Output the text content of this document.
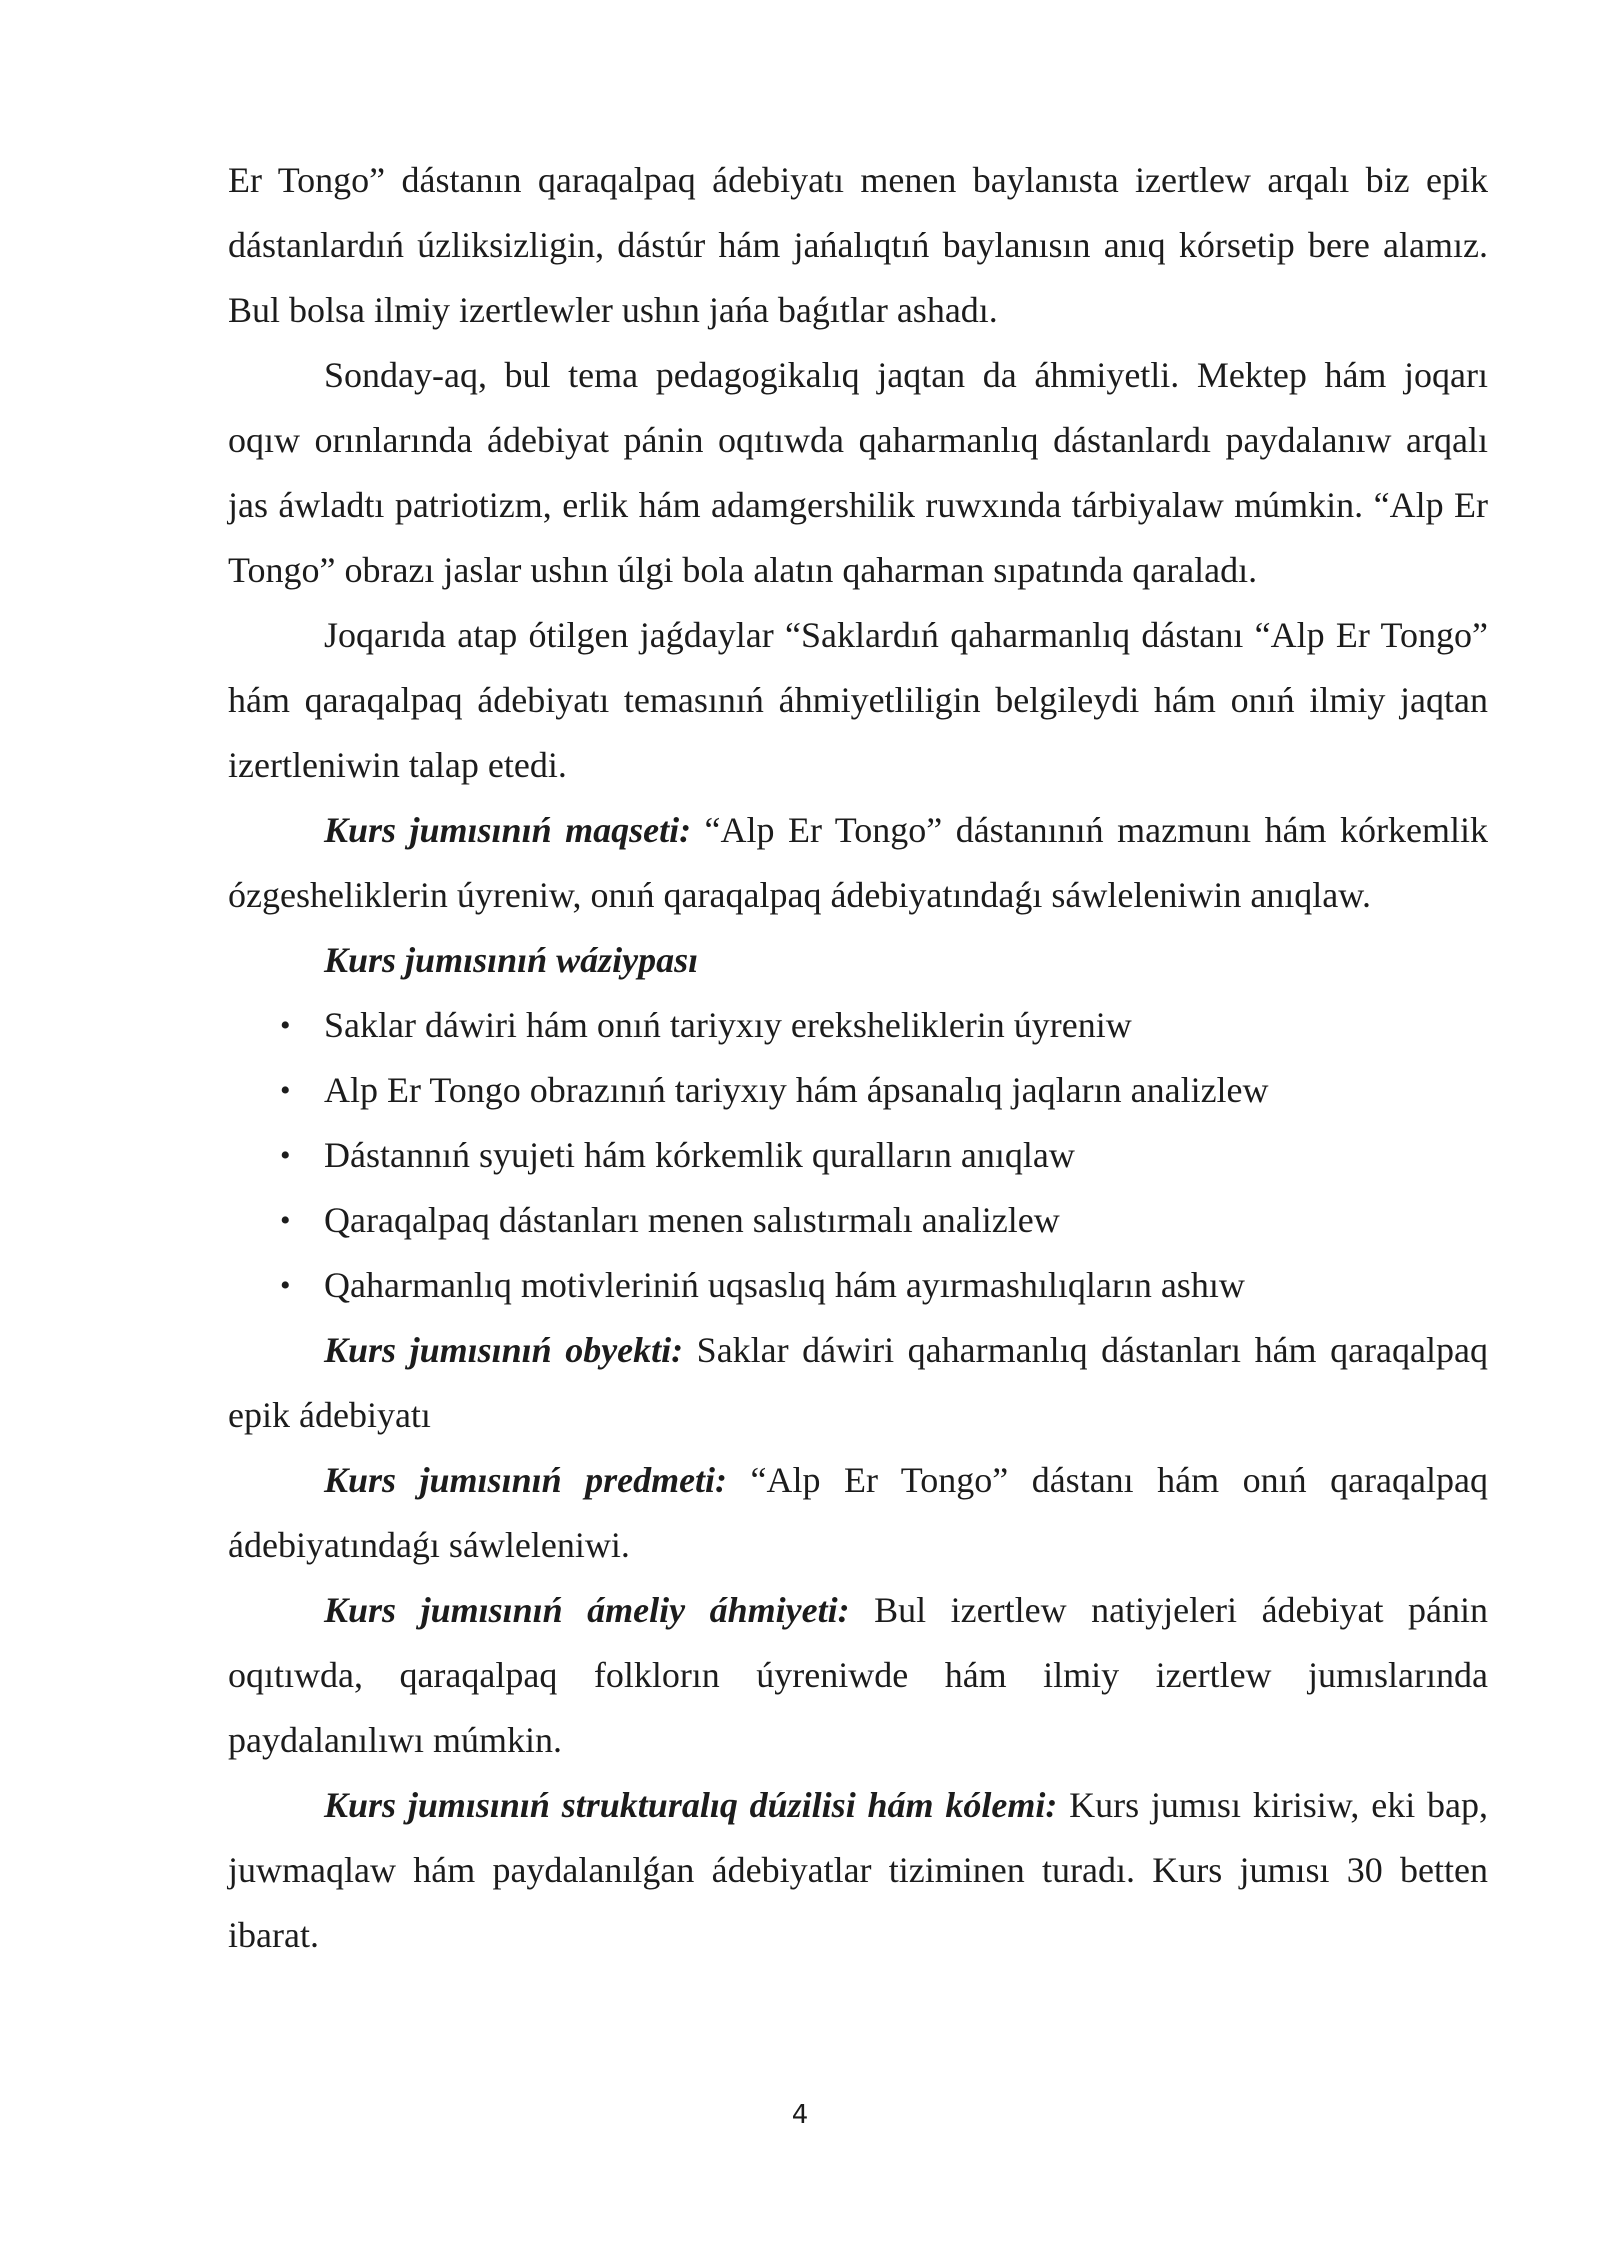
Er Tongo” dástanın qaraqalpaq ádebiyatı menen baylanısta izertlew arqalı biz epik dástanlardıń úzliksizligin, dástúr hám jańalıqtıń baylanısın anıq kórsetip bere alamız. Bul bolsa ilmiy izertlewler ushın jańa baǵıtlar ashadı.

Sonday-aq, bul tema pedagogikalıq jaqtan da áhmiyetli. Mektep hám joqarı oqıw orınlarında ádebiyat pánin oqıtıwda qaharmanlıq dástanlardı paydalanıw arqalı jas áwladtı patriotizm, erlik hám adamgershilik ruwxında tárbiyalaw múmkin. “Alp Er Tongo” obrazı jaslar ushın úlgi bola alatın qaharman sıpatında qaraladı.

Joqarıda atap ótilgen jaǵdaylar “Saklardıń qaharmanlıq dástanı “Alp Er Tongo” hám qaraqalpaq ádebiyatı temasınıń áhmiyetliligin belgileydi hám onıń ilmiy jaqtan izertleniwin talap etedi.

Kurs jumısınıń maqseti: “Alp Er Tongo” dástanınıń mazmunı hám kórkemlik ózgesheliklerin úyreniw, onıń qaraqalpaq ádebiyatındaǵı sáwleleniwin anıqlaw.

Kurs jumısınıń wáziypası

• Saklar dáwiri hám onıń tariyxıy ereksheliklerin úyreniw
• Alp Er Tongo obrazınıń tariyxıy hám ápsanalıq jaqların analizlew
• Dástannıń syujeti hám kórkemlik quralların anıqlaw
• Qaraqalpaq dástanları menen salıstırmalı analizlew
• Qaharmanlıq motivleriniń uqsaslıq hám ayırmashılıqların ashıw

Kurs jumısınıń obyekti: Saklar dáwiri qaharmanlıq dástanları hám qaraqalpaq epik ádebiyatı

Kurs jumısınıń predmeti: “Alp Er Tongo” dástanı hám onıń qaraqalpaq ádebiyatındaǵı sáwleleniwi.

Kurs jumısınıń ámeliy áhmiyeti: Bul izertlew natiyjeleri ádebiyat pánin oqıtıwda, qaraqalpaq folklorın úyreniwde hám ilmiy izertlew jumıslarında paydalanılıwı múmkin.

Kurs jumısınıń strukturalıq dúzilisi hám kólemi: Kurs jumısı kirisiw, eki bap, juwmaqlaw hám paydalanılǵan ádebiyatlar tiziminen turadı. Kurs jumısı 30 betten ibarat.

4
